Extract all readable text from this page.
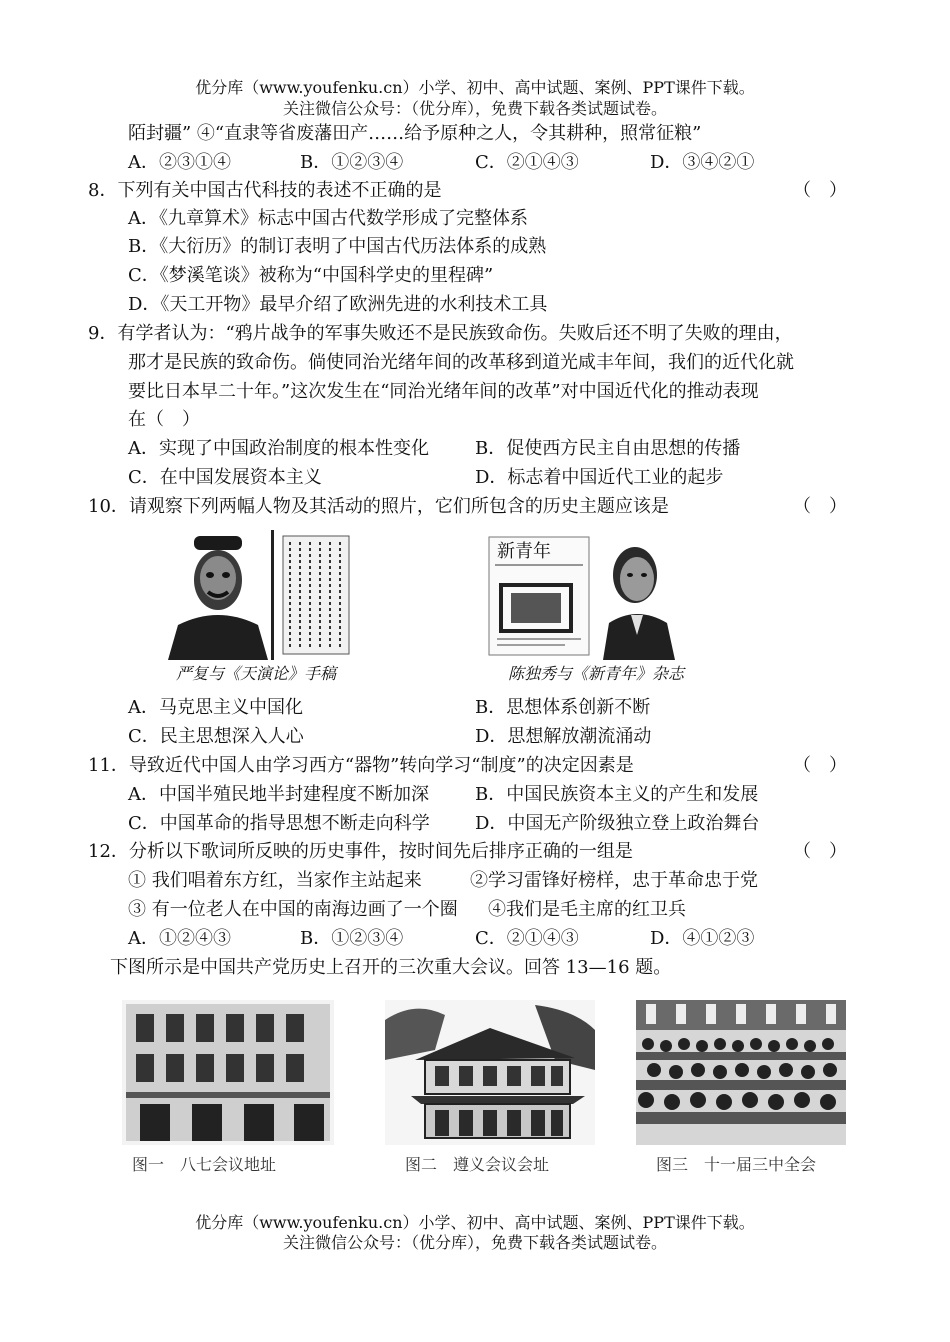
优分库（www.youfenku.cn）小学、初中、高中试题、案例、PPT课件下载。
关注微信公众号：（优分库），免费下载各类试题试卷。
陌封疆” ④“直隶等省废藩田产……给予原种之人，令其耕种，照常征粮”
A．②③①④	B．①②③④	C．②①④③	D．③④②①
8．下列有关中国古代科技的表述不正确的是	（　）
A．《九章算术》标志中国古代数学形成了完整体系
B．《大衍历》的制订表明了中国古代历法体系的成熟
C．《梦溪笔谈》被称为“中国科学史的里程碑”
D．《天工开物》最早介绍了欧洲先进的水利技术工具
9．有学者认为：“鸦片战争的军事失败还不是民族致命伤。失败后还不明了失败的理由，
那才是民族的致命伤。倘使同治光绪年间的改革移到道光咸丰年间，我们的近代化就
要比日本早二十年。”这次发生在“同治光绪年间的改革”对中国近代化的推动表现
在（　）
A．实现了中国政治制度的根本性变化	B．促使西方民主自由思想的传播
C．在中国发展资本主义	D．标志着中国近代工业的起步
10．请观察下列两幅人物及其活动的照片，它们所包含的历史主题应该是	（　）
严复与《天演论》手稿
新青年
陈独秀与《新青年》杂志
A．马克思主义中国化	B．思想体系创新不断
C．民主思想深入人心	D．思想解放潮流涌动
11．导致近代中国人由学习西方“器物”转向学习“制度”的决定因素是	（　）
A．中国半殖民地半封建程度不断加深	B．中国民族资本主义的产生和发展
C．中国革命的指导思想不断走向科学	D．中国无产阶级独立登上政治舞台
12．分析以下歌词所反映的历史事件，按时间先后排序正确的一组是	（　）
① 我们唱着东方红，当家作主站起来	②学习雷锋好榜样，忠于革命忠于党
③ 有一位老人在中国的南海边画了一个圈 ④我们是毛主席的红卫兵
A．①②④③	B．①②③④	C．②①④③	D．④①②③
下图所示是中国共产党历史上召开的三次重大会议。回答 13—16 题。
图一　八七会议地址	图二　遵义会议会址	图三　十一届三中全会
优分库（www.youfenku.cn）小学、初中、高中试题、案例、PPT课件下载。
关注微信公众号：（优分库），免费下载各类试题试卷。
